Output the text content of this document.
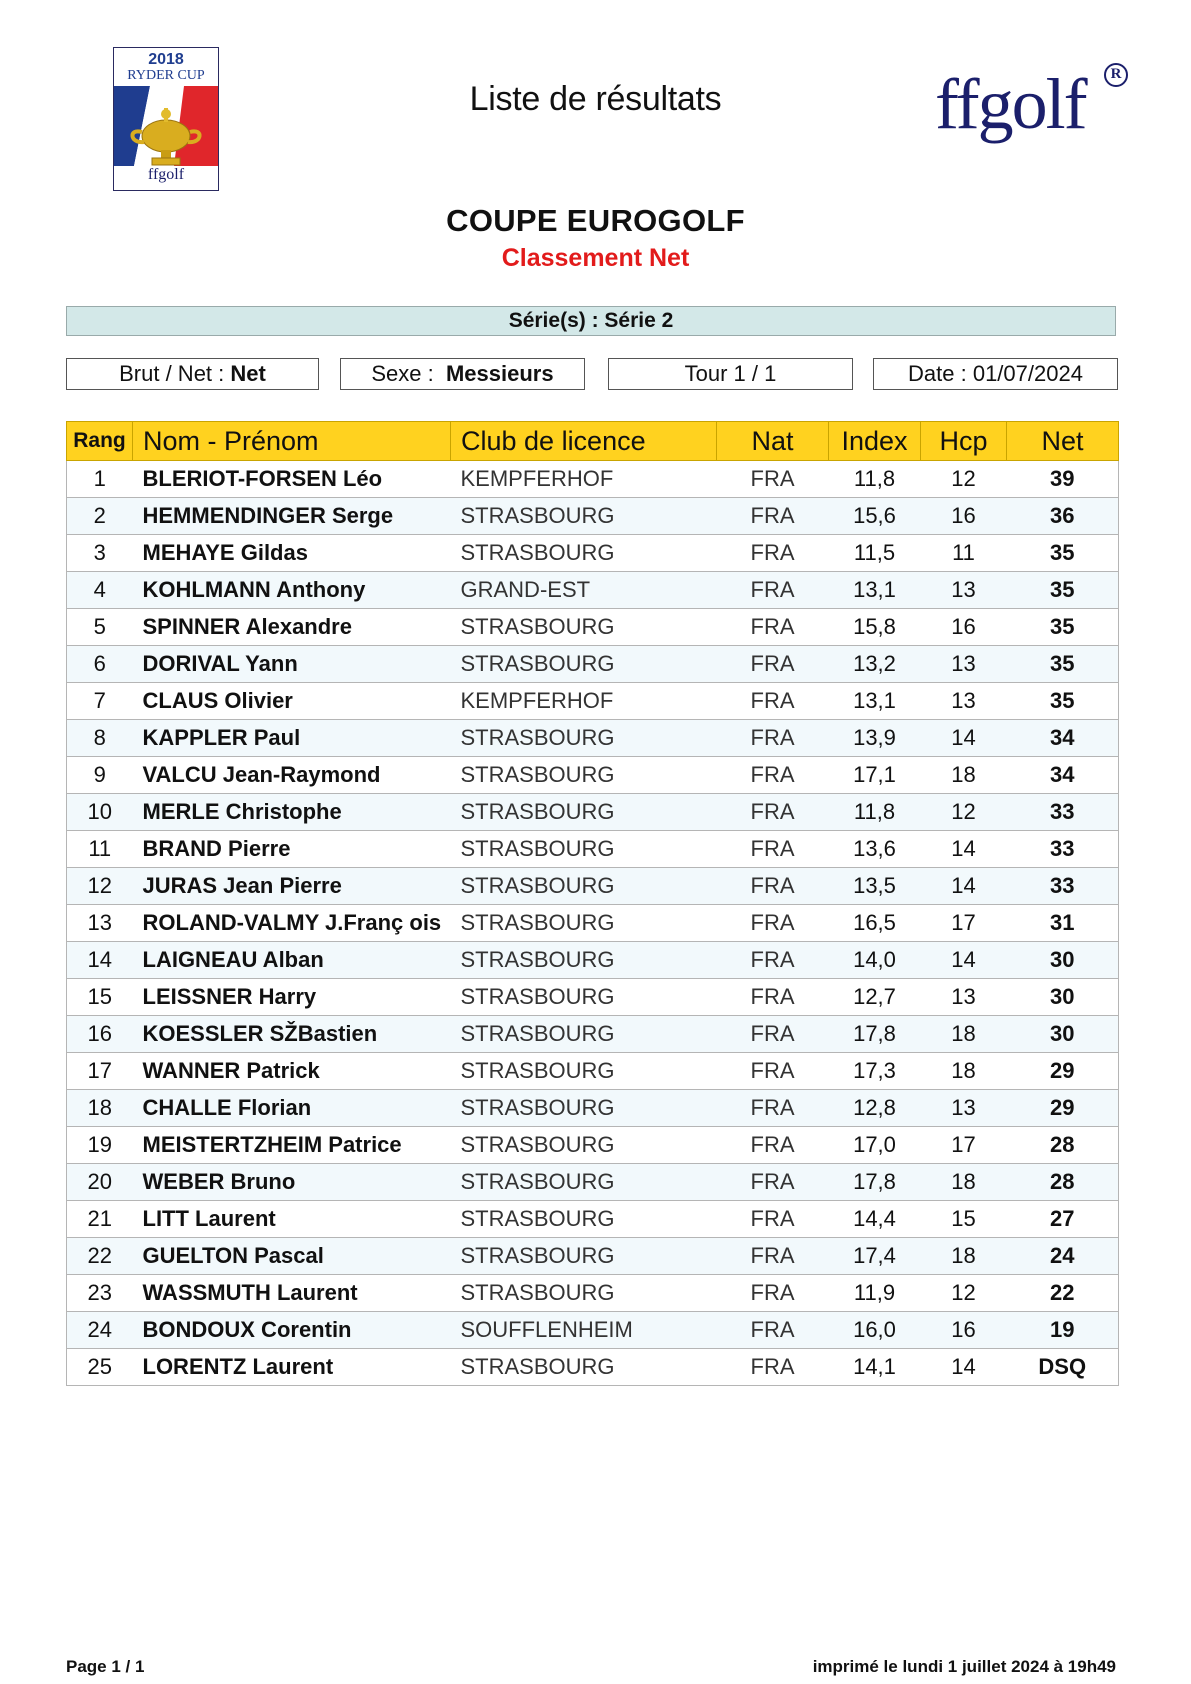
2018
RYDER CUP
ffgolf
Liste de résultats	ffgolf	R
COUPE EUROGOLF
Classement Net
Série(s) : Série 2
Brut / Net : Net	Sexe : Messieurs	Tour 1 / 1	Date : 01/07/2024
Rang	Nom - Prénom	Club de licence	Nat	Index	Hcp	Net
1	BLERIOT-FORSEN Léo	KEMPFERHOF	FRA	11,8	12	39
2	HEMMENDINGER Serge	STRASBOURG	FRA	15,6	16	36
3	MEHAYE Gildas	STRASBOURG	FRA	11,5	11	35
4	KOHLMANN Anthony	GRAND-EST	FRA	13,1	13	35
5	SPINNER Alexandre	STRASBOURG	FRA	15,8	16	35
6	DORIVAL Yann	STRASBOURG	FRA	13,2	13	35
7	CLAUS Olivier	KEMPFERHOF	FRA	13,1	13	35
8	KAPPLER Paul	STRASBOURG	FRA	13,9	14	34
9	VALCU Jean-Raymond	STRASBOURG	FRA	17,1	18	34
10	MERLE Christophe	STRASBOURG	FRA	11,8	12	33
11	BRAND Pierre	STRASBOURG	FRA	13,6	14	33
12	JURAS Jean Pierre	STRASBOURG	FRA	13,5	14	33
13	ROLAND-VALMY J.Franç ois	STRASBOURG	FRA	16,5	17	31
14	LAIGNEAU Alban	STRASBOURG	FRA	14,0	14	30
15	LEISSNER Harry	STRASBOURG	FRA	12,7	13	30
16	KOESSLER SŽBastien	STRASBOURG	FRA	17,8	18	30
17	WANNER Patrick	STRASBOURG	FRA	17,3	18	29
18	CHALLE Florian	STRASBOURG	FRA	12,8	13	29
19	MEISTERTZHEIM Patrice	STRASBOURG	FRA	17,0	17	28
20	WEBER Bruno	STRASBOURG	FRA	17,8	18	28
21	LITT Laurent	STRASBOURG	FRA	14,4	15	27
22	GUELTON Pascal	STRASBOURG	FRA	17,4	18	24
23	WASSMUTH Laurent	STRASBOURG	FRA	11,9	12	22
24	BONDOUX Corentin	SOUFFLENHEIM	FRA	16,0	16	19
25	LORENTZ Laurent	STRASBOURG	FRA	14,1	14	DSQ
Page 1 / 1	imprimé le lundi 1 juillet 2024 à 19h49
